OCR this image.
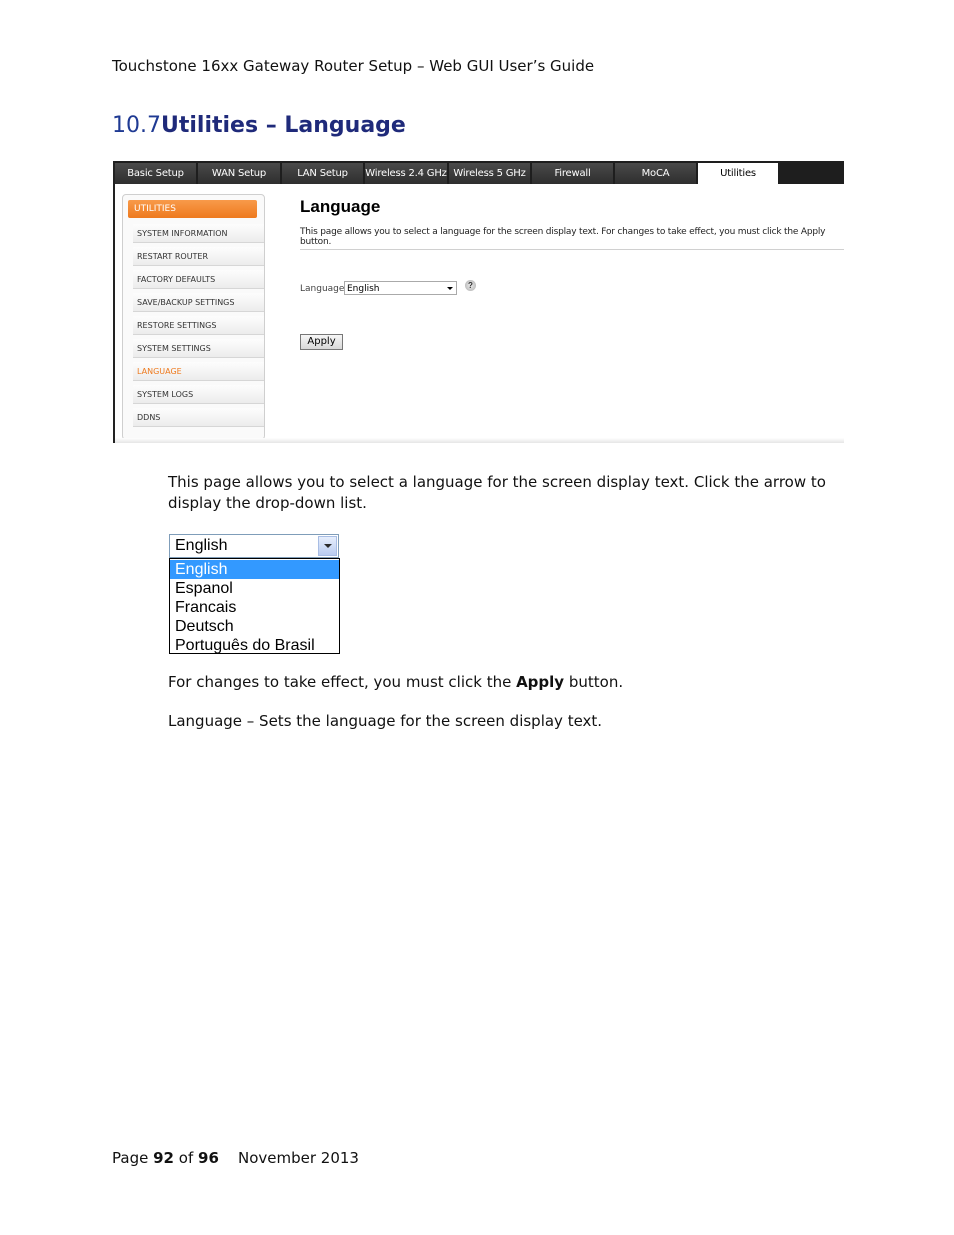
Touchstone 16xx Gateway Router Setup – Web GUI User’s Guide
10.7Utilities – Language
Basic Setup	WAN Setup	LAN Setup	Wireless 2.4 GHz Wireless 5 GHz	Firewall	MoCA	Utilities
UTILITIES
SYSTEM INFORMATION
RESTART ROUTER
FACTORY DEFAULTS
SAVE/BACKUP SETTINGS
RESTORE SETTINGS
SYSTEM SETTINGS
LANGUAGE
SYSTEM LOGS
DDNS
Language
This page allows you to select a language for the screen display text. For changes to take effect, you must click the Apply button.
Language English	?
Apply
This page allows you to select a language for the screen display text. Click the arrow to display the drop-down list.
English
English
Espanol
Francais
Deutsch
Português do Brasil
For changes to take effect, you must click the Apply button.
Language – Sets the language for the screen display text.
Page 92 of 96 November 2013
